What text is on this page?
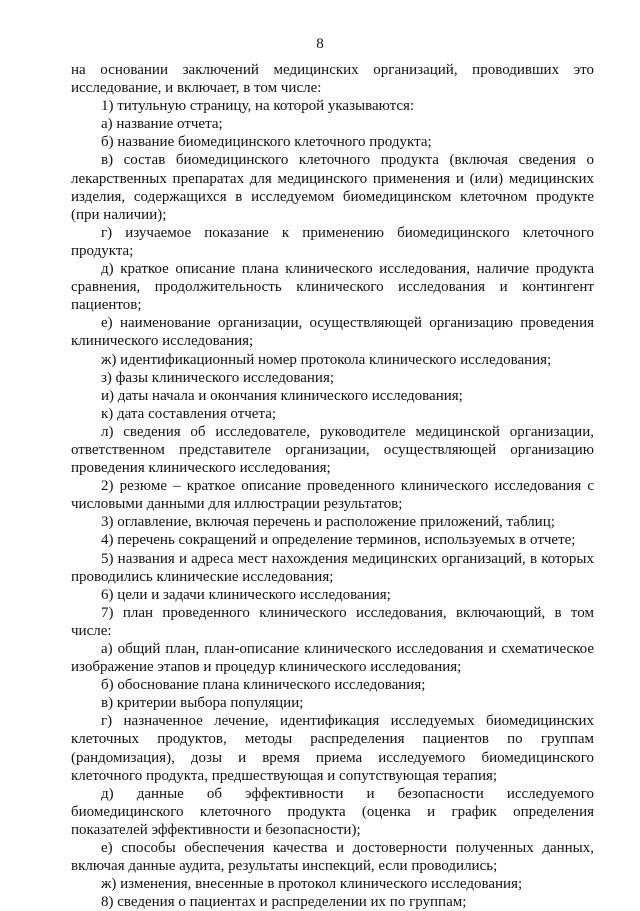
8
на основании заключений медицинских организаций, проводивших это
исследование, и включает, в том числе:
1) титульную страницу, на которой указываются:
а) название отчета;
б) название биомедицинского клеточного продукта;
в) состав биомедицинского клеточного продукта (включая сведения о
лекарственных препаратах для медицинского применения и (или) медицинских
изделия, содержащихся в исследуемом биомедицинском клеточном продукте
(при наличии);
г) изучаемое показание к применению биомедицинского клеточного
продукта;
д) краткое описание плана клинического исследования, наличие продукта
сравнения, продолжительность клинического исследования и контингент
пациентов;
е) наименование организации, осуществляющей организацию проведения
клинического исследования;
ж) идентификационный номер протокола клинического исследования;
з) фазы клинического исследования;
и) даты начала и окончания клинического исследования;
к) дата составления отчета;
л) сведения об исследователе, руководителе медицинской организации,
ответственном представителе организации, осуществляющей организацию
проведения клинического исследования;
2) резюме – краткое описание проведенного клинического исследования с
числовыми данными для иллюстрации результатов;
3) оглавление, включая перечень и расположение приложений, таблиц;
4) перечень сокращений и определение терминов, используемых в отчете;
5) названия и адреса мест нахождения медицинских организаций, в которых
проводились клинические исследования;
6) цели и задачи клинического исследования;
7) план проведенного клинического исследования, включающий, в том
числе:
а) общий план, план-описание клинического исследования и схематическое
изображение этапов и процедур клинического исследования;
б) обоснование плана клинического исследования;
в) критерии выбора популяции;
г) назначенное лечение, идентификация исследуемых биомедицинских
клеточных продуктов, методы распределения пациентов по группам
(рандомизация), дозы и время приема исследуемого биомедицинского
клеточного продукта, предшествующая и сопутствующая терапия;
д) данные об эффективности и безопасности исследуемого
биомедицинского клеточного продукта (оценка и график определения
показателей эффективности и безопасности);
е) способы обеспечения качества и достоверности полученных данных,
включая данные аудита, результаты инспекций, если проводились;
ж) изменения, внесенные в протокол клинического исследования;
8) сведения о пациентах и распределении их по группам;
